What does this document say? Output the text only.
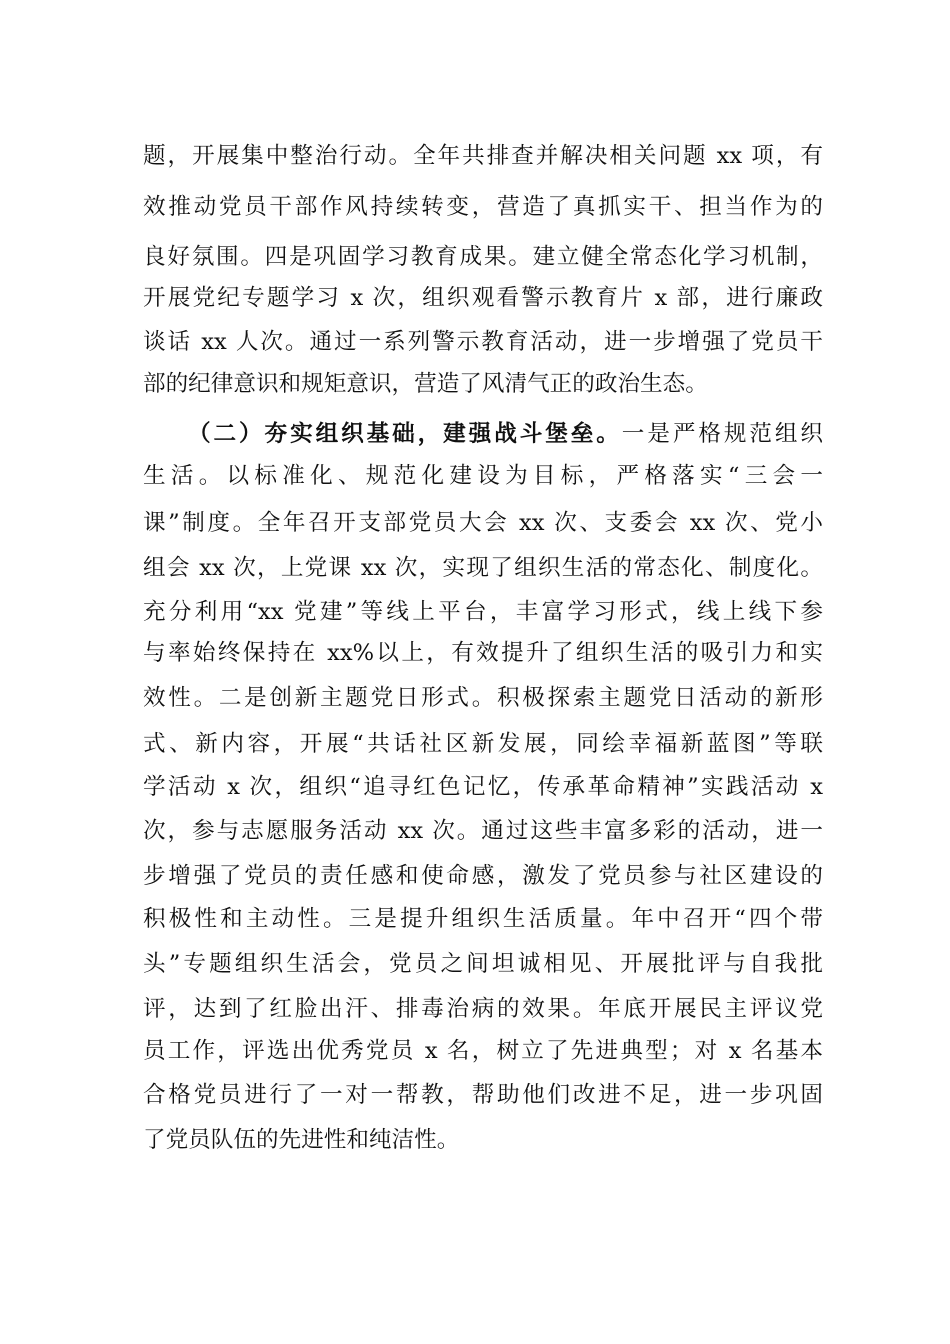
题，开展集中整治行动。全年共排查并解决相关问题 xx 项，有
效推动党员干部作风持续转变，营造了真抓实干、担当作为的
良好氛围。四是巩固学习教育成果。建立健全常态化学习机制，
开展党纪专题学习 x 次，组织观看警示教育片 x 部，进行廉政
谈话 xx 人次。通过一系列警示教育活动，进一步增强了党员干
部的纪律意识和规矩意识，营造了风清气正的政治生态。
（二）夯实组织基础，建强战斗堡垒。一是严格规范组织
生活。以标准化、规范化建设为目标，严格落实“三会一
课”制度。全年召开支部党员大会 xx 次、支委会 xx 次、党小
组会 xx 次，上党课 xx 次，实现了组织生活的常态化、制度化。
充分利用“xx 党建”等线上平台，丰富学习形式，线上线下参
与率始终保持在 xx%以上，有效提升了组织生活的吸引力和实
效性。二是创新主题党日形式。积极探索主题党日活动的新形
式、新内容，开展“共话社区新发展，同绘幸福新蓝图”等联
学活动 x 次，组织“追寻红色记忆，传承革命精神”实践活动 x
次，参与志愿服务活动 xx 次。通过这些丰富多彩的活动，进一
步增强了党员的责任感和使命感，激发了党员参与社区建设的
积极性和主动性。三是提升组织生活质量。年中召开“四个带
头”专题组织生活会，党员之间坦诚相见、开展批评与自我批
评，达到了红脸出汗、排毒治病的效果。年底开展民主评议党
员工作，评选出优秀党员 x 名，树立了先进典型；对 x 名基本
合格党员进行了一对一帮教，帮助他们改进不足，进一步巩固
了党员队伍的先进性和纯洁性。
